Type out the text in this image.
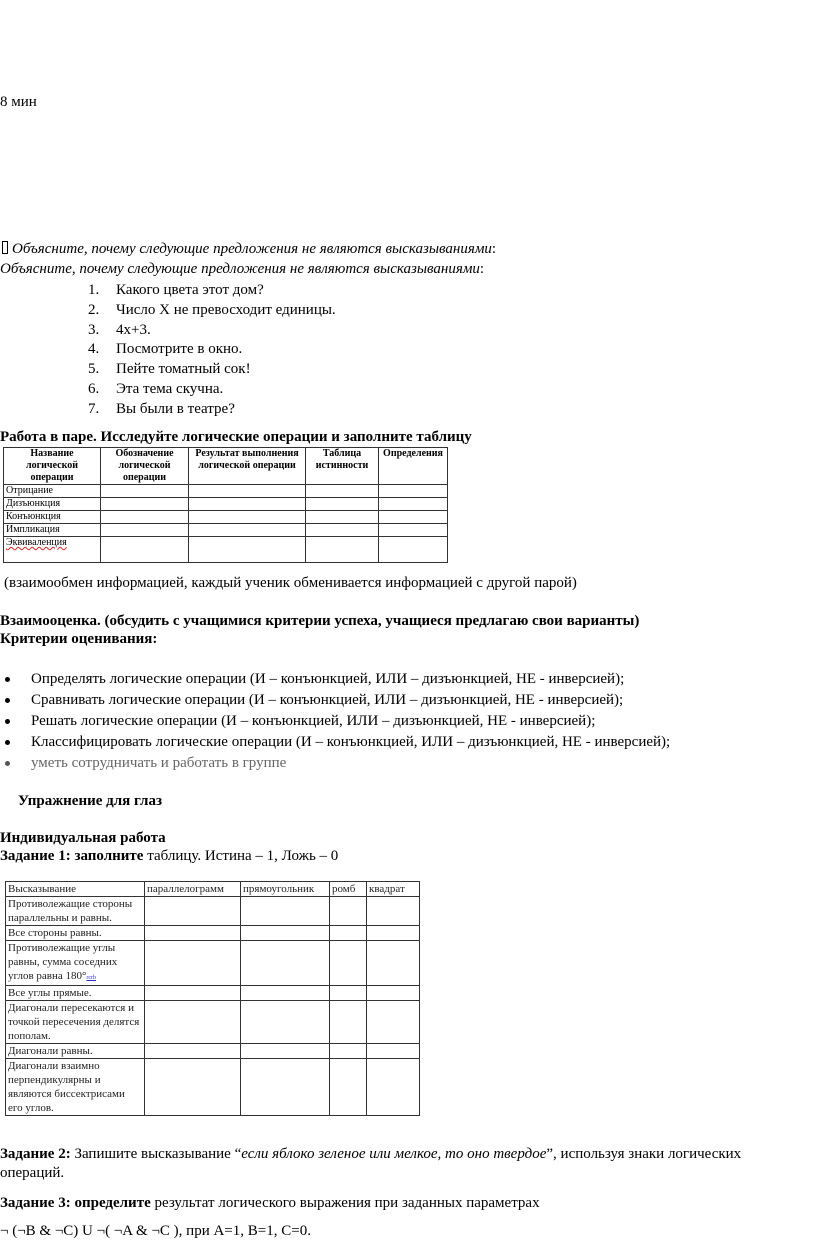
8 мин
Объясните, почему следующие предложения не являются высказываниями:
Объясните, почему следующие предложения не являются высказываниями:
1. Какого цвета этот дом?
2. Число X не превосходит единицы.
3. 4x+3.
4. Посмотрите в окно.
5. Пейте томатный сок!
6. Эта тема скучна.
7. Вы были в театре?
Работа в паре. Исследуйте логические операции и заполните таблицу
Название логической операции	Обозначение логической операции	Результат выполнения логической операции	Таблица истинности	Определения
Отрицание				
Дизъюнкция				
Конъюнкция				
Импликация				
Эквиваленция				
(взаимообмен информацией, каждый ученик обменивается информацией с другой парой)
Взаимооценка. (обсудить с учащимися критерии успеха, учащиеся предлагаю свои варианты)
Критерии оценивания:
Определять логические операции (И – конъюнкцией, ИЛИ – дизъюнкцией, НЕ - инверсией);
Сравнивать логические операции (И – конъюнкцией, ИЛИ – дизъюнкцией, НЕ - инверсией);
Решать логические операции (И – конъюнкцией, ИЛИ – дизъюнкцией, НЕ - инверсией);
Классифицировать логические операции (И – конъюнкцией, ИЛИ – дизъюнкцией, НЕ - инверсией);
уметь сотрудничать и работать в группе
Упражнение для глаз
Индивидуальная работа
Задание 1: заполните таблицу. Истина – 1, Ложь – 0
Высказывание	параллелограмм	прямоугольник	ромб	квадрат
Противолежащие стороны параллельны и равны.				
Все стороны равны.				
Противолежащие углы равны, сумма соседних углов равна 180°rcrb				
Все углы прямые.				
Диагонали пересекаются и точкой пересечения делятся пополам.				
Диагонали равны.				
Диагонали взаимно перпендикулярны и являются биссектрисами его углов.				
Задание 2: Запишите высказывание “если яблоко зеленое или мелкое, то оно твердое”, используя знаки логических
операций.
Задание 3: определите результат логического выражения при заданных параметрах
¬ (¬B & ¬C) U ¬( ¬A & ¬C ), при A=1, B=1, C=0.
